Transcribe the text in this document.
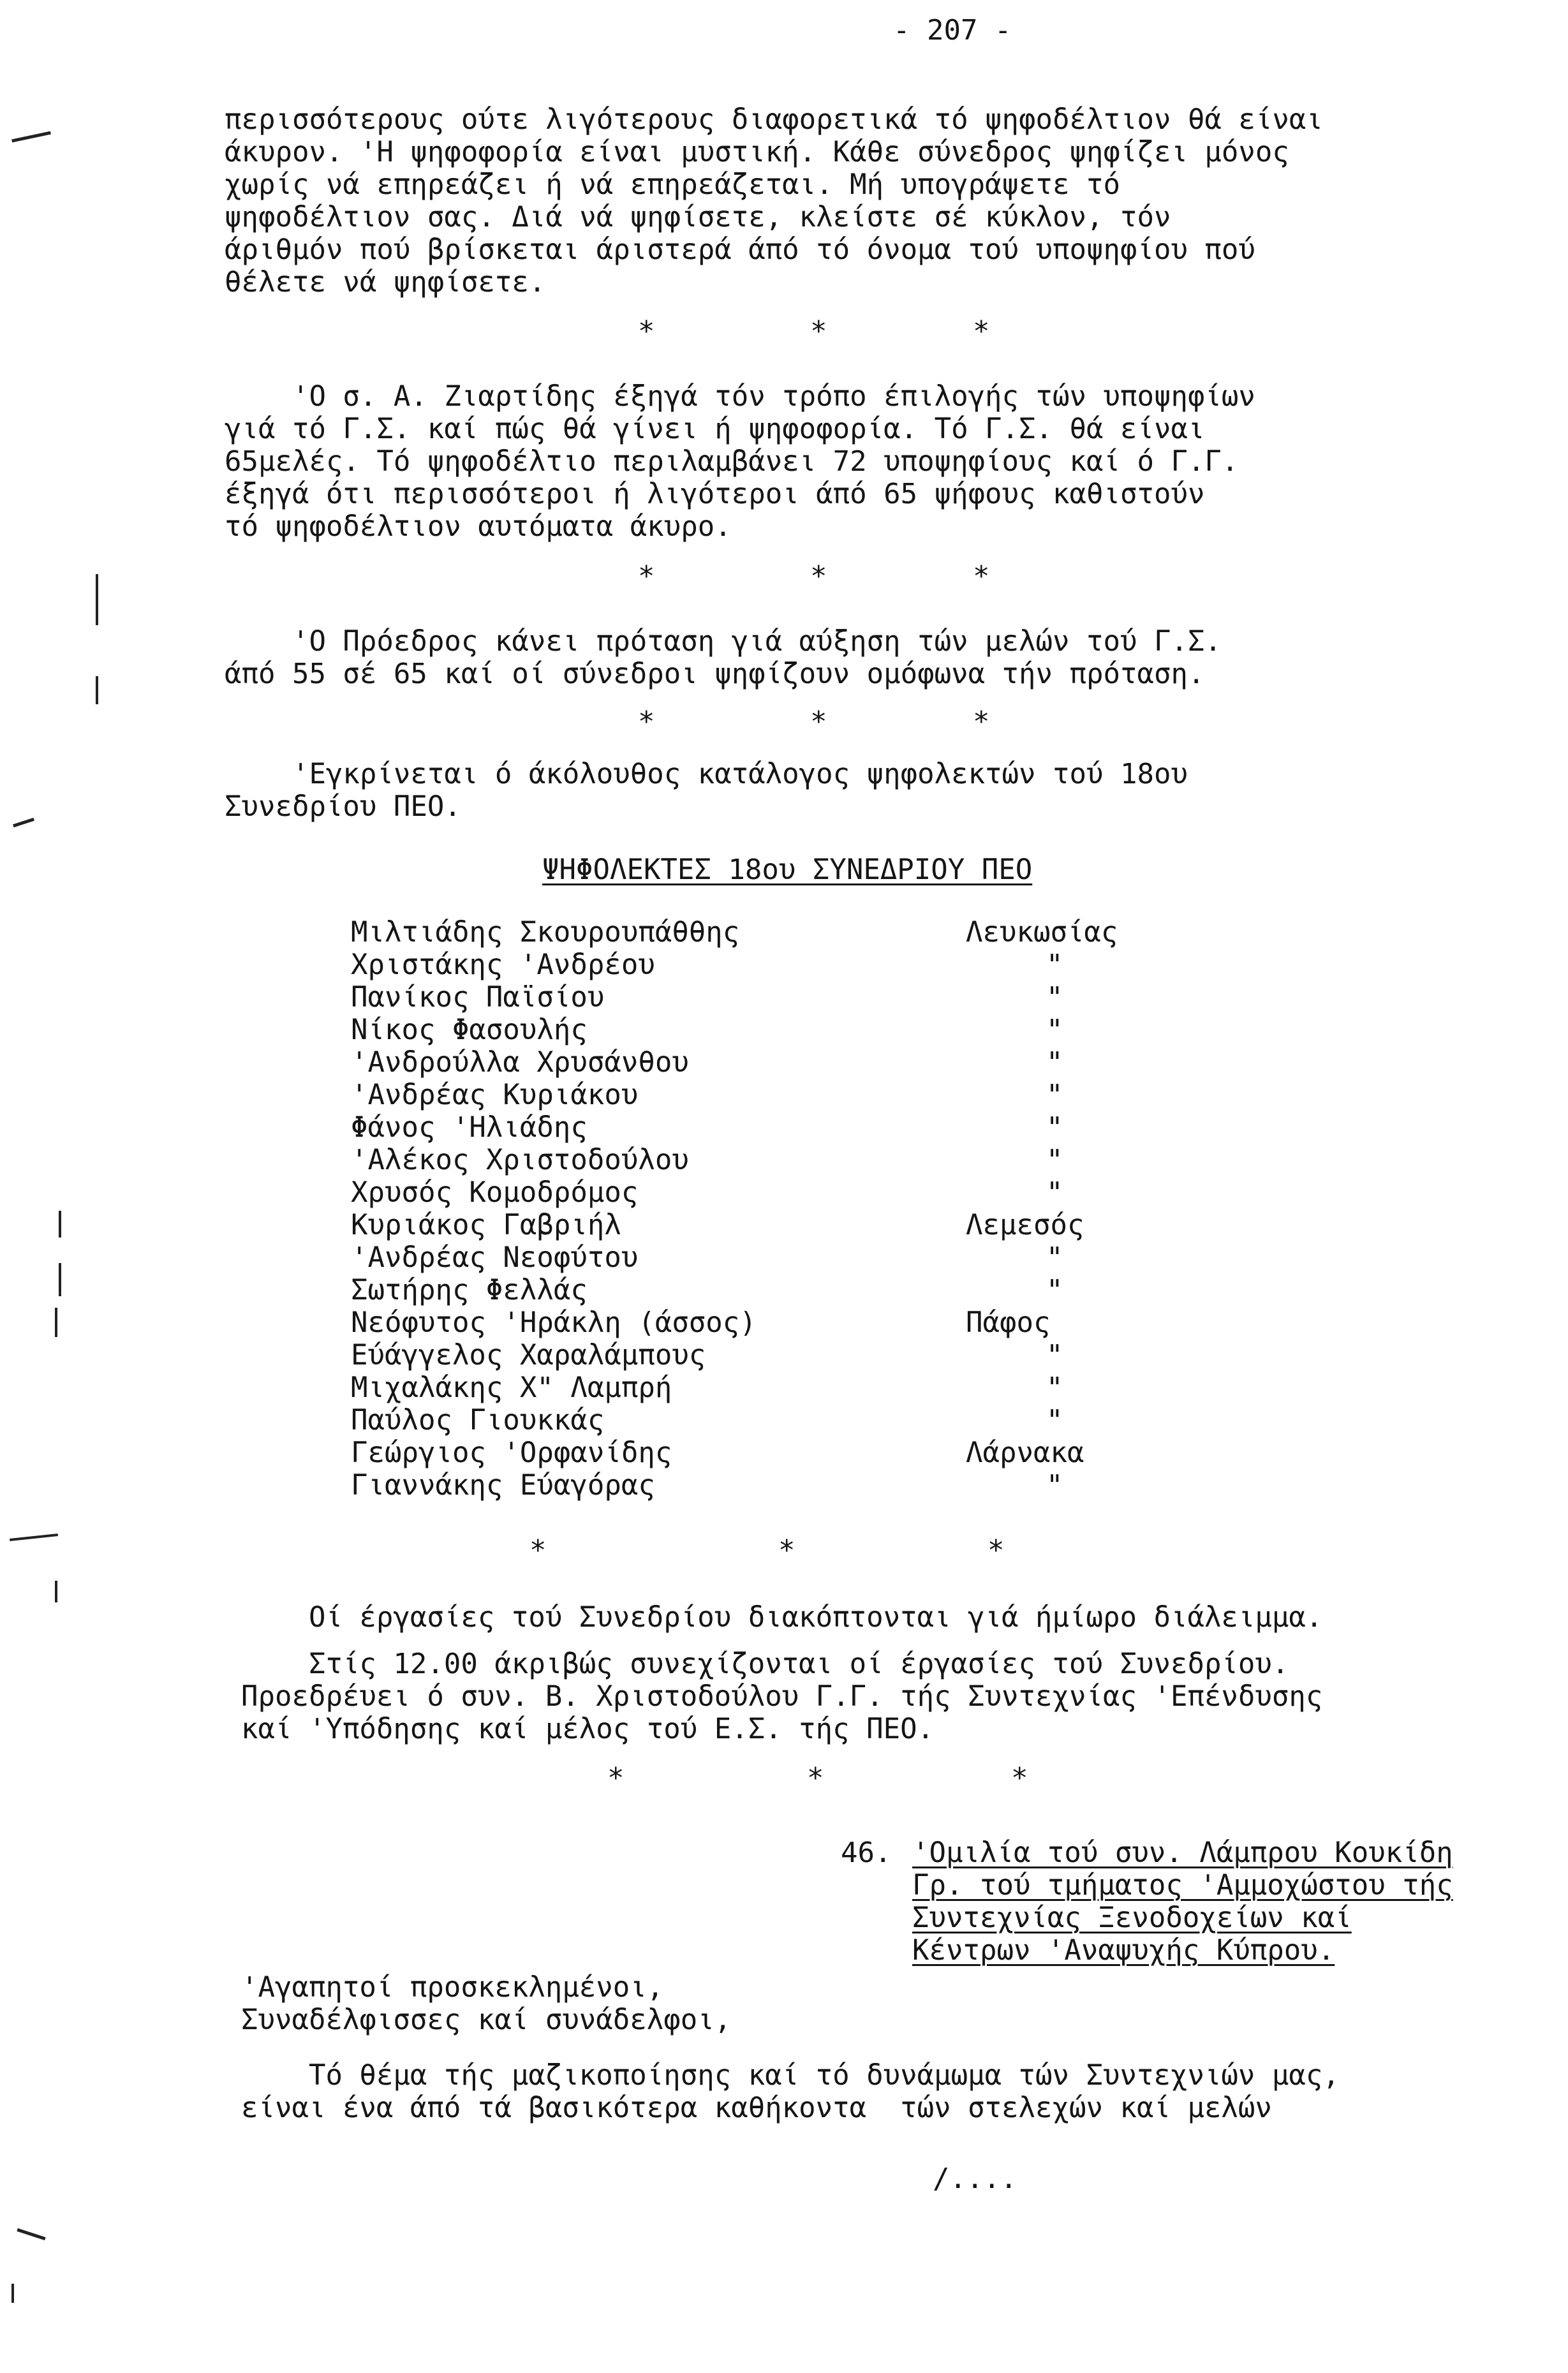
- 207 -
περισσότερους ούτε λιγότερους διαφορετικά τό ψηφοδέλτιον θά είναι
άκυρον. 'Η ψηφοφορία είναι μυστική. Κάθε σύνεδρος ψηφίζει μόνος
χωρίς νά επηρεάζει ή νά επηρεάζεται. Μή υπογράψετε τό
ψηφοδέλτιον σας. Διά νά ψηφίσετε, κλείστε σέ κύκλον, τόν
άριθμόν πού βρίσκεται άριστερά άπό τό όνομα τού υποψηφίου πού
θέλετε νά ψηφίσετε.
*	*	*
'Ο σ. Α. Ζιαρτίδης έξηγά τόν τρόπο έπιλογής τών υποψηφίων
γιά τό Γ.Σ. καί πώς θά γίνει ή ψηφοφορία. Τό Γ.Σ. θά είναι
65μελές. Τό ψηφοδέλτιο περιλαμβάνει 72 υποψηφίους καί ό Γ.Γ.
έξηγά ότι περισσότεροι ή λιγότεροι άπό 65 ψήφους καθιστούν
τό ψηφοδέλτιον αυτόματα άκυρο.
*	*	*
'Ο Πρόεδρος κάνει πρόταση γιά αύξηση τών μελών τού Γ.Σ.
άπό 55 σέ 65 καί οί σύνεδροι ψηφίζουν ομόφωνα τήν πρόταση.
*	*	*
'Εγκρίνεται ό άκόλουθος κατάλογος ψηφολεκτών τού 18ου
Συνεδρίου ΠΕΟ.
ΨΗΦΟΛΕΚΤΕΣ 18ου ΣΥΝΕΔΡΙΟΥ ΠΕΟ
Μιλτιάδης Σκουρουπάθθης	Λευκωσίας
Χριστάκης 'Ανδρέου	"
Πανίκος Παϊσίου	"
Νίκος Φασουλής	"
'Ανδρούλλα Χρυσάνθου	"
'Ανδρέας Κυριάκου	"
Φάνος 'Ηλιάδης	"
'Αλέκος Χριστοδούλου	"
Χρυσός Κομοδρόμος	"
Κυριάκος Γαβριήλ	Λεμεσός
'Ανδρέας Νεοφύτου	"
Σωτήρης Φελλάς	"
Νεόφυτος 'Ηράκλη (άσσος)	Πάφος
Εύάγγελος Χαραλάμπους	"
Μιχαλάκης Χ" Λαμπρή	"
Παύλος Γιουκκάς	"
Γεώργιος 'Ορφανίδης	Λάρνακα
Γιαννάκης Εύαγόρας	"
*	*	*
Οί έργασίες τού Συνεδρίου διακόπτονται γιά ήμίωρο διάλειμμα.
Στίς 12.00 άκριβώς συνεχίζονται οί έργασίες τού Συνεδρίου.
Προεδρέυει ό συν. Β. Χριστοδούλου Γ.Γ. τής Συντεχνίας 'Επένδυσης
καί 'Υπόδησης καί μέλος τού Ε.Σ. τής ΠΕΟ.
*	*	*
46. 'Ομιλία τού συν. Λάμπρου Κουκίδη
Γρ. τού τμήματος 'Αμμοχώστου τής
Συντεχνίας Ξενοδοχείων καί
Κέντρων 'Αναψυχής Κύπρου.
'Αγαπητοί προσκεκλημένοι,
Συναδέλφισσες καί συνάδελφοι,
Τό θέμα τής μαζικοποίησης καί τό δυνάμωμα τών Συντεχνιών μας,
είναι ένα άπό τά βασικότερα καθήκοντα  τών στελεχών καί μελών
/....
